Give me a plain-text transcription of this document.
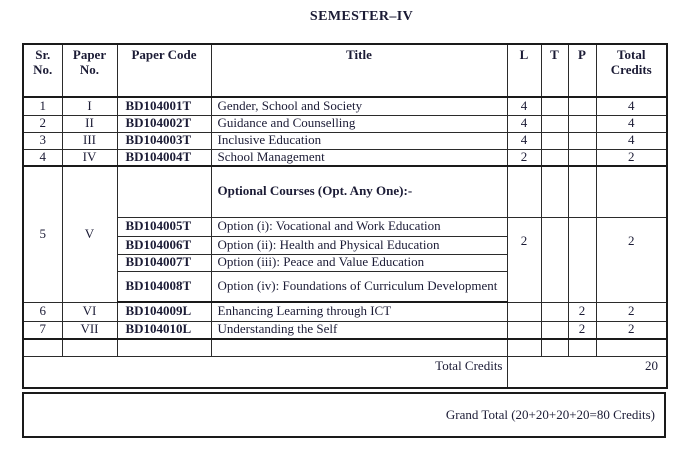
SEMESTER–IV
Sr. No.	Paper No.	Paper Code	Title	L	T	P	Total Credits
1	I	BD104001T	Gender, School and Society	4			4
2	II	BD104002T	Guidance and Counselling	4			4
3	III	BD104003T	Inclusive Education	4			4
4	IV	BD104004T	School Management	2			2
5	V		Optional Courses (Opt. Any One):-				
		BD104005T	Option (i): Vocational and Work Education	2			2
		BD104006T	Option (ii): Health and Physical Education				
		BD104007T	Option (iii): Peace and Value Education				
		BD104008T	Option (iv): Foundations of Curriculum Development				
6	VI	BD104009L	Enhancing Learning through ICT			2	2
7	VII	BD104010L	Understanding the Self			2	2

Total Credits				20			
Grand Total (20+20+20+20=80 Credits)
